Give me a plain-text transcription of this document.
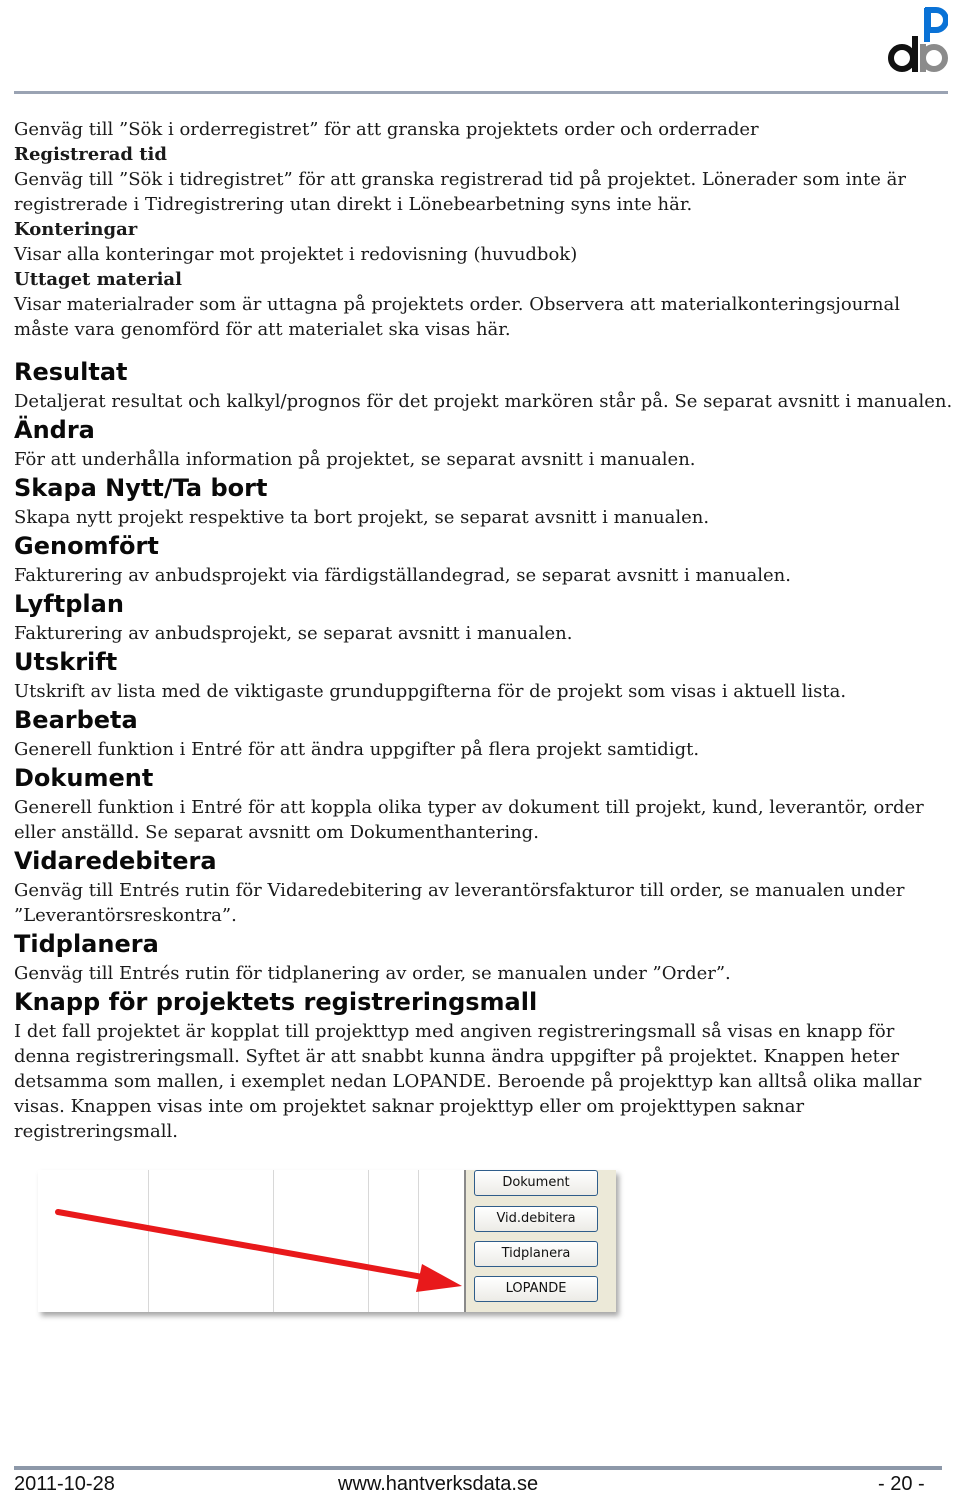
Genväg till ”Sök i orderregistret” för att granska projektets order och orderrader

Registrerad tid

Genväg till ”Sök i tidregistret” för att granska registrerad tid på projektet. Lönerader som inte är registrerade i Tidregistrering utan direkt i Lönebearbetning syns inte här.

Konteringar

Visar alla konteringar mot projektet i redovisning (huvudbok)

Uttaget material

Visar materialrader som är uttagna på projektets order. Observera att materialkonteringsjournal måste vara genomförd för att materialet ska visas här.

Resultat

Detaljerat resultat och kalkyl/prognos för det projekt markören står på. Se separat avsnitt i manualen.

Ändra

För att underhålla information på projektet, se separat avsnitt i manualen.

Skapa Nytt/Ta bort

Skapa nytt projekt respektive ta bort projekt, se separat avsnitt i manualen.

Genomfört

Fakturering av anbudsprojekt via färdigställandegrad, se separat avsnitt i manualen.

Lyftplan

Fakturering av anbudsprojekt, se separat avsnitt i manualen.

Utskrift

Utskrift av lista med de viktigaste grunduppgifterna för de projekt som visas i aktuell lista.

Bearbeta

Generell funktion i Entré för att ändra uppgifter på flera projekt samtidigt.

Dokument

Generell funktion i Entré för att koppla olika typer av dokument till projekt, kund, leverantör, order eller anställd. Se separat avsnitt om Dokumenthantering.

Vidaredebitera

Genväg till Entrés rutin för Vidaredebitering av leverantörsfakturor till order, se manualen under ”Leverantörsreskontra”.

Tidplanera

Genväg till Entrés rutin för tidplanering av order, se manualen under ”Order”.

Knapp för projektets registreringsmall

I det fall projektet är kopplat till projekttyp med angiven registreringsmall så visas en knapp för denna registreringsmall. Syftet är att snabbt kunna ändra uppgifter på projektet. Knappen heter detsamma som mallen, i exemplet nedan LOPANDE. Beroende på projekttyp kan alltså olika mallar visas. Knappen visas inte om projektet saknar projekttyp eller om projekttypen saknar registreringsmall.

Dokument
Vid.debitera
Tidplanera
LOPANDE
2011-10-28	www.hantverksdata.se	- 20 -
